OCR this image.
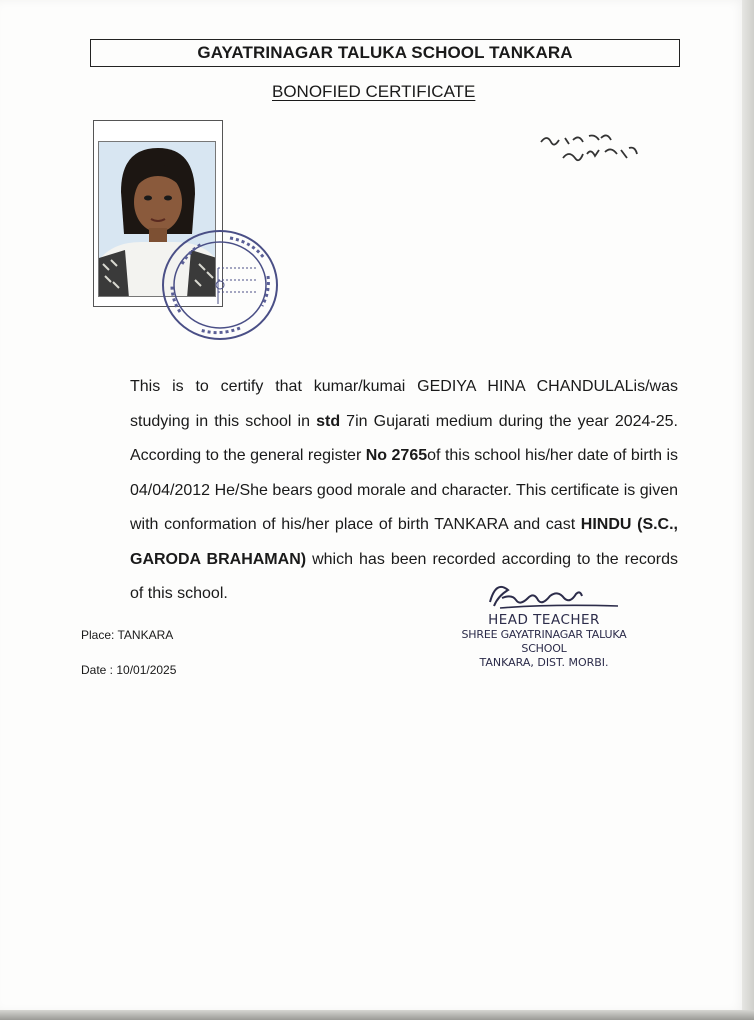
GAYATRINAGAR TALUKA SCHOOL TANKARA
BONOFIED CERTIFICATE
This is to certify that kumar/kumai GEDIYA HINA CHANDULALis/was studying in this school in std 7in Gujarati medium during the year 2024-25. According to the general register No 2765of this school his/her date of birth is 04/04/2012 He/She bears good morale and character. This certificate is given with conformation of his/her place of birth TANKARA and cast HINDU (S.C., GARODA BRAHAMAN) which has been recorded according to the records of this school.
HEAD TEACHER
SHREE GAYATRINAGAR TALUKA SCHOOL
TANKARA, DIST. MORBI.
Place: TANKARA
Date : 10/01/2025
